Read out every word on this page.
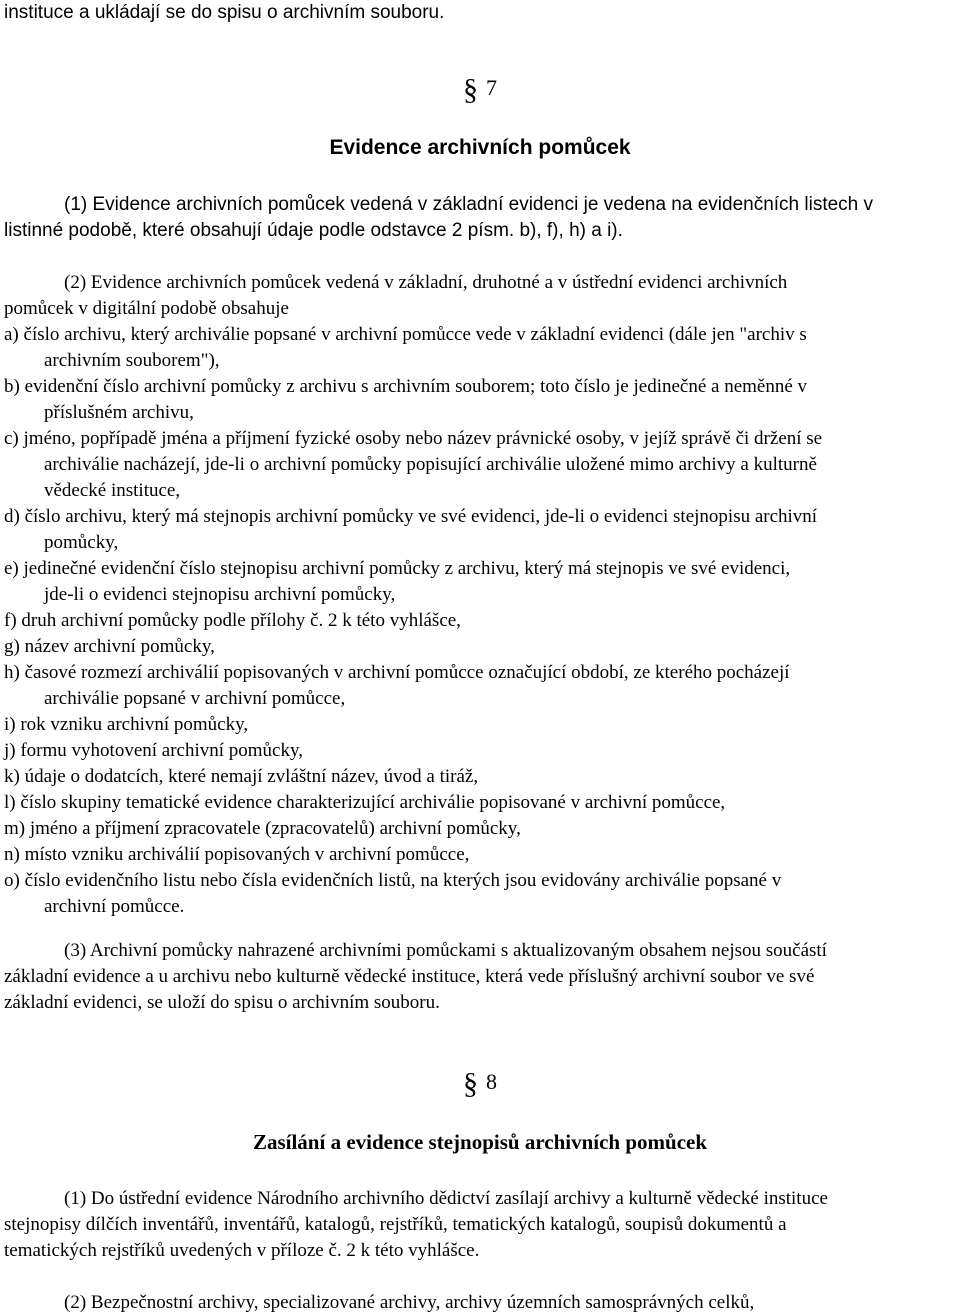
instituce a ukládají se do spisu o archivním souboru.
§ 7
Evidence archivních pomůcek
(1) Evidence archivních pomůcek vedená v základní evidenci je vedena na evidenčních listech v
listinné podobě, které obsahují údaje podle odstavce 2 písm. b), f), h) a i).
(2) Evidence archivních pomůcek vedená v základní, druhotné a v ústřední evidenci archivních
pomůcek v digitální podobě obsahuje
a) číslo archivu, který archiválie popsané v archivní pomůcce vede v základní evidenci (dále jen "archiv s
archivním souborem"),
b) evidenční číslo archivní pomůcky z archivu s archivním souborem; toto číslo je jedinečné a neměnné v
příslušném archivu,
c) jméno, popřípadě jména a příjmení fyzické osoby nebo název právnické osoby, v jejíž správě či držení se
archiválie nacházejí, jde-li o archivní pomůcky popisující archiválie uložené mimo archivy a kulturně
vědecké instituce,
d) číslo archivu, který má stejnopis archivní pomůcky ve své evidenci, jde-li o evidenci stejnopisu archivní
pomůcky,
e) jedinečné evidenční číslo stejnopisu archivní pomůcky z archivu, který má stejnopis ve své evidenci,
jde-li o evidenci stejnopisu archivní pomůcky,
f) druh archivní pomůcky podle přílohy č. 2 k této vyhlášce,
g) název archivní pomůcky,
h) časové rozmezí archiválií popisovaných v archivní pomůcce označující období, ze kterého pocházejí
archiválie popsané v archivní pomůcce,
i) rok vzniku archivní pomůcky,
j) formu vyhotovení archivní pomůcky,
k) údaje o dodatcích, které nemají zvláštní název, úvod a tiráž,
l) číslo skupiny tematické evidence charakterizující archiválie popisované v archivní pomůcce,
m) jméno a příjmení zpracovatele (zpracovatelů) archivní pomůcky,
n) místo vzniku archiválií popisovaných v archivní pomůcce,
o) číslo evidenčního listu nebo čísla evidenčních listů, na kterých jsou evidovány archiválie popsané v
archivní pomůcce.
(3) Archivní pomůcky nahrazené archivními pomůckami s aktualizovaným obsahem nejsou součástí
základní evidence a u archivu nebo kulturně vědecké instituce, která vede příslušný archivní soubor ve své
základní evidenci, se uloží do spisu o archivním souboru.
§ 8
Zasílání a evidence stejnopisů archivních pomůcek
(1) Do ústřední evidence Národního archivního dědictví zasílají archivy a kulturně vědecké instituce
stejnopisy dílčích inventářů, inventářů, katalogů, rejstříků, tematických katalogů, soupisů dokumentů a
tematických rejstříků uvedených v příloze č. 2 k této vyhlášce.
(2) Bezpečnostní archivy, specializované archivy, archivy územních samosprávných celků,
